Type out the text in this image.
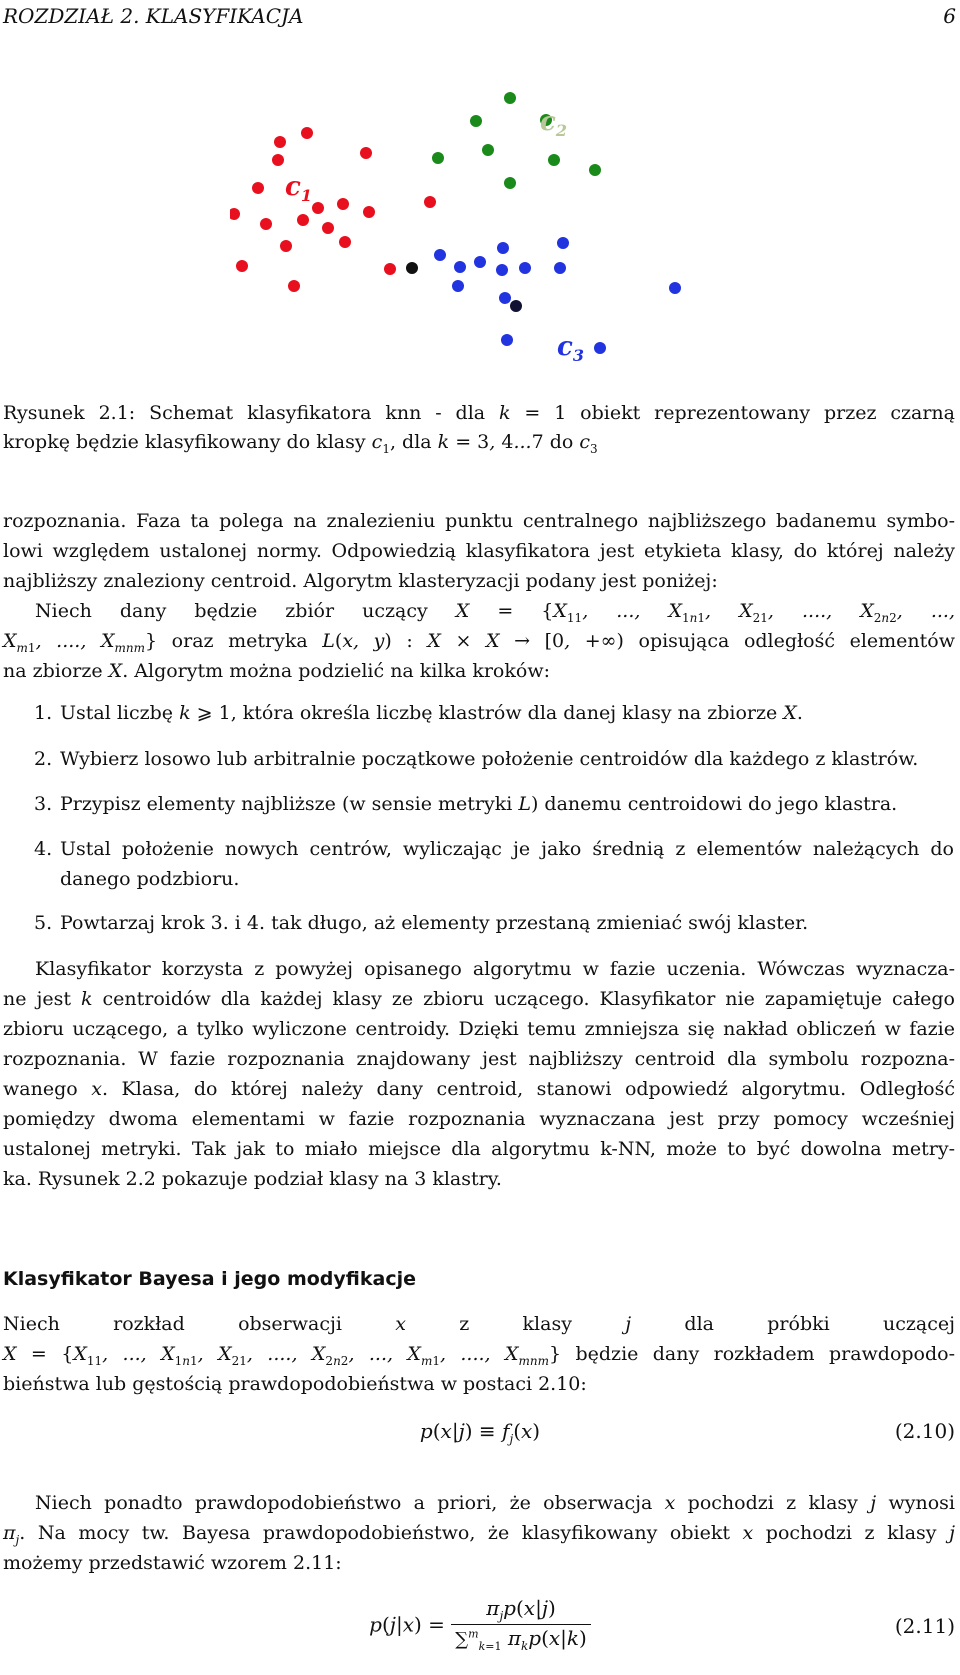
ROZDZIAŁ 2. KLASYFIKACJA	6
$c_1$
$c_2$
$c_3$
Rysunek 2.1: Schemat klasyfikatora knn - dla k = 1 obiekt reprezentowany przez czarną
kropkę będzie klasyfikowany do klasy $c_1$, dla k = 3, 4...7 do $c_3$
rozpoznania. Faza ta polega na znalezieniu punktu centralnego najbliższego badanemu symbo-
lowi względem ustalonej normy. Odpowiedzią klasyfikatora jest etykieta klasy, do której należy
najbliższy znaleziony centroid. Algorytm klasteryzacji podany jest poniżej:
Niech dany będzie zbiór uczący $X = \{X_{11}$, ..., $X_{1n1}$, $X_{21}$, ...., $X_{2n2}$, ...,
$X_{m1}$, ...., $X_{mnm}$} oraz metryka L(x, y) : X × X → [0, +∞) opisująca odległość elementów
na zbiorze X. Algorytm można podzielić na kilka kroków:
1. Ustal liczbę k ⩾ 1, która określa liczbę klastrów dla danej klasy na zbiorze X.
2. Wybierz losowo lub arbitralnie początkowe położenie centroidów dla każdego z klastrów.
3. Przypisz elementy najbliższe (w sensie metryki L) danemu centroidowi do jego klastra.
4. Ustal położenie nowych centrów, wyliczając je jako średnią z elementów należących do danego podzbioru.
5. Powtarzaj krok 3. i 4. tak długo, aż elementy przestaną zmieniać swój klaster.
Klasyfikator korzysta z powyżej opisanego algorytmu w fazie uczenia. Wówczas wyznacza-
ne jest k centroidów dla każdej klasy ze zbioru uczącego. Klasyfikator nie zapamiętuje całego
zbioru uczącego, a tylko wyliczone centroidy. Dzięki temu zmniejsza się nakład obliczeń w fazie
rozpoznania. W fazie rozpoznania znajdowany jest najbliższy centroid dla symbolu rozpozna-
wanego x. Klasa, do której należy dany centroid, stanowi odpowiedź algorytmu. Odległość
pomiędzy dwoma elementami w fazie rozpoznania wyznaczana jest przy pomocy wcześniej
ustalonej metryki. Tak jak to miało miejsce dla algorytmu k-NN, może to być dowolna metry-
ka. Rysunek 2.2 pokazuje podział klasy na 3 klastry.
Klasyfikator Bayesa i jego modyfikacje
Niech rozkład obserwacji x z klasy j dla próbki uczącej
$X = \{X_{11}$, ..., $X_{1n1}$, $X_{21}$, ...., $X_{2n2}$, ..., $X_{m1}$, ...., $X_{mnm}$} będzie dany rozkładem prawdopodo-
bieństwa lub gęstością prawdopodobieństwa w postaci 2.10:
$p(x|j) \equiv f_j(x)$	(2.10)
Niech ponadto prawdopodobieństwo a priori, że obserwacja x pochodzi z klasy j wynosi
$\pi_j$. Na mocy tw. Bayesa prawdopodobieństwo, że klasyfikowany obiekt x pochodzi z klasy j
możemy przedstawić wzorem 2.11:
$p(j|x) = \frac{\pi_jp(x|j)}{\sum^m_{k=1} \pi_kp(x|k)}$	(2.11)
